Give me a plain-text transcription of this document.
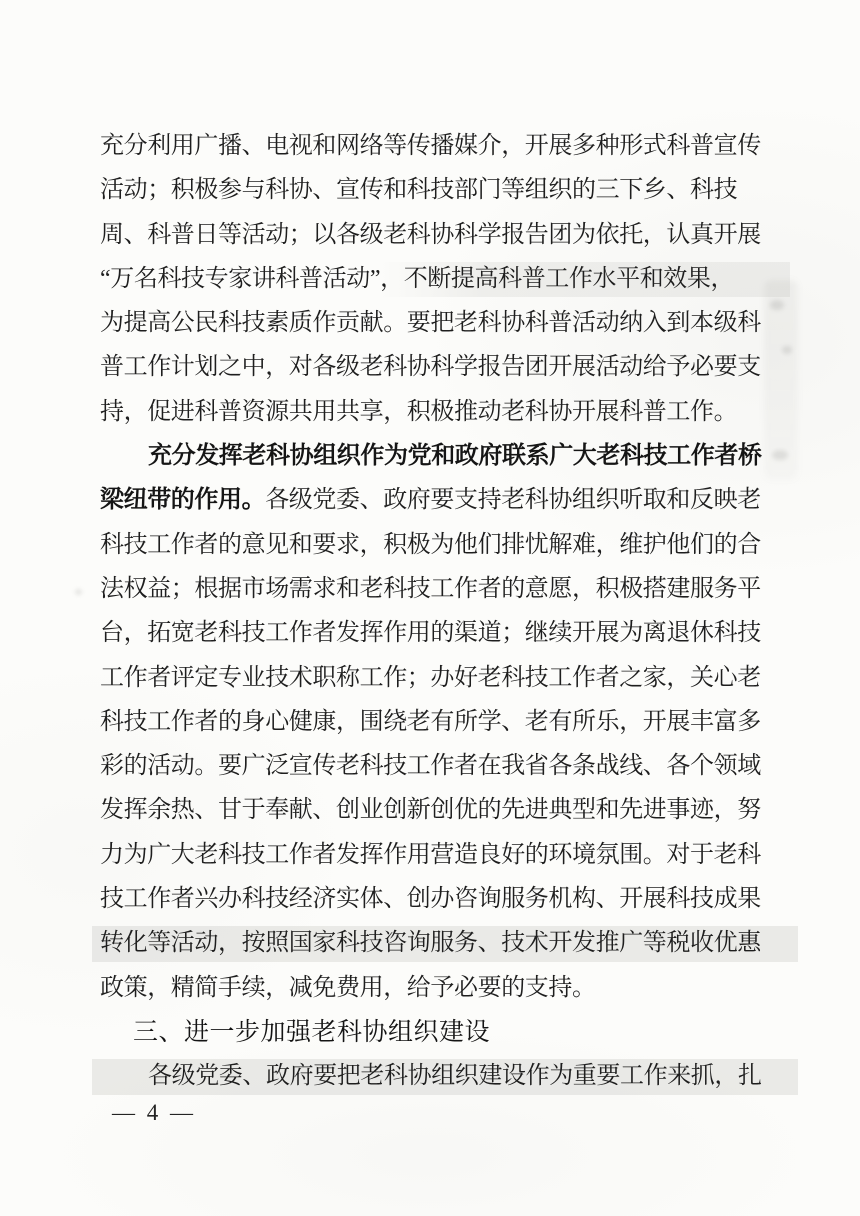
充分利用广播、电视和网络等传播媒介，开展多种形式科普宣传
活动；积极参与科协、宣传和科技部门等组织的三下乡、科技
周、科普日等活动；以各级老科协科学报告团为依托，认真开展
“万名科技专家讲科普活动”，不断提高科普工作水平和效果，
为提高公民科技素质作贡献。要把老科协科普活动纳入到本级科
普工作计划之中，对各级老科协科学报告团开展活动给予必要支
持，促进科普资源共用共享，积极推动老科协开展科普工作。
充分发挥老科协组织作为党和政府联系广大老科技工作者桥
梁纽带的作用。各级党委、政府要支持老科协组织听取和反映老
科技工作者的意见和要求，积极为他们排忧解难，维护他们的合
法权益；根据市场需求和老科技工作者的意愿，积极搭建服务平
台，拓宽老科技工作者发挥作用的渠道；继续开展为离退休科技
工作者评定专业技术职称工作；办好老科技工作者之家，关心老
科技工作者的身心健康，围绕老有所学、老有所乐，开展丰富多
彩的活动。要广泛宣传老科技工作者在我省各条战线、各个领域
发挥余热、甘于奉献、创业创新创优的先进典型和先进事迹，努
力为广大老科技工作者发挥作用营造良好的环境氛围。对于老科
技工作者兴办科技经济实体、创办咨询服务机构、开展科技成果
转化等活动，按照国家科技咨询服务、技术开发推广等税收优惠
政策，精简手续，减免费用，给予必要的支持。
三、进一步加强老科协组织建设
各级党委、政府要把老科协组织建设作为重要工作来抓，扎
— 4 —
